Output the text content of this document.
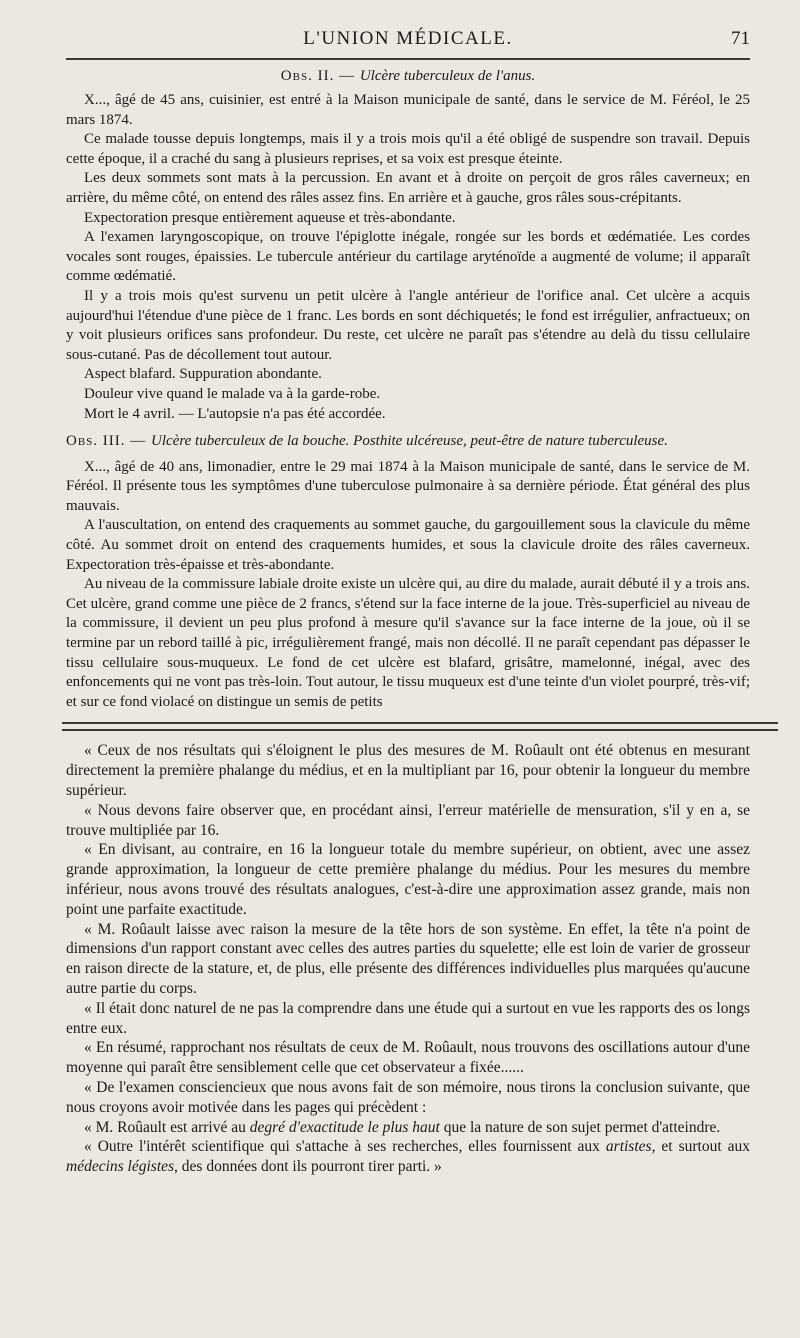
L'UNION MÉDICALE.	71
Obs. II. — Ulcère tuberculeux de l'anus.

X..., âgé de 45 ans, cuisinier, est entré à la Maison municipale de santé, dans le service de M. Féréol, le 25 mars 1874.

Ce malade tousse depuis longtemps, mais il y a trois mois qu'il a été obligé de suspendre son travail. Depuis cette époque, il a craché du sang à plusieurs reprises, et sa voix est presque éteinte.

Les deux sommets sont mats à la percussion. En avant et à droite on perçoit de gros râles caverneux; en arrière, du même côté, on entend des râles assez fins. En arrière et à gauche, gros râles sous-crépitants.

Expectoration presque entièrement aqueuse et très-abondante.

A l'examen laryngoscopique, on trouve l'épiglotte inégale, rongée sur les bords et œdématiée. Les cordes vocales sont rouges, épaissies. Le tubercule antérieur du cartilage aryténoïde a augmenté de volume; il apparaît comme œdématié.

Il y a trois mois qu'est survenu un petit ulcère à l'angle antérieur de l'orifice anal. Cet ulcère a acquis aujourd'hui l'étendue d'une pièce de 1 franc. Les bords en sont déchiquetés; le fond est irrégulier, anfractueux; on y voit plusieurs orifices sans profondeur. Du reste, cet ulcère ne paraît pas s'étendre au delà du tissu cellulaire sous-cutané. Pas de décollement tout autour.

Aspect blafard. Suppuration abondante.

Douleur vive quand le malade va à la garde-robe.

Mort le 4 avril. — L'autopsie n'a pas été accordée.

Obs. III. — Ulcère tuberculeux de la bouche. Posthite ulcéreuse, peut-être de nature tuberculeuse.

X..., âgé de 40 ans, limonadier, entre le 29 mai 1874 à la Maison municipale de santé, dans le service de M. Féréol. Il présente tous les symptômes d'une tuberculose pulmonaire à sa dernière période. État général des plus mauvais.

A l'auscultation, on entend des craquements au sommet gauche, du gargouillement sous la clavicule du même côté. Au sommet droit on entend des craquements humides, et sous la clavicule droite des râles caverneux. Expectoration très-épaisse et très-abondante.

Au niveau de la commissure labiale droite existe un ulcère qui, au dire du malade, aurait débuté il y a trois ans. Cet ulcère, grand comme une pièce de 2 francs, s'étend sur la face interne de la joue. Très-superficiel au niveau de la commissure, il devient un peu plus profond à mesure qu'il s'avance sur la face interne de la joue, où il se termine par un rebord taillé à pic, irrégulièrement frangé, mais non décollé. Il ne paraît cependant pas dépasser le tissu cellulaire sous-muqueux. Le fond de cet ulcère est blafard, grisâtre, mamelonné, inégal, avec des enfoncements qui ne vont pas très-loin. Tout autour, le tissu muqueux est d'une teinte d'un violet pourpré, très-vif; et sur ce fond violacé on distingue un semis de petits

« Ceux de nos résultats qui s'éloignent le plus des mesures de M. Roûault ont été obtenus en mesurant directement la première phalange du médius, et en la multipliant par 16, pour obtenir la longueur du membre supérieur.

« Nous devons faire observer que, en procédant ainsi, l'erreur matérielle de mensuration, s'il y en a, se trouve multipliée par 16.

« En divisant, au contraire, en 16 la longueur totale du membre supérieur, on obtient, avec une assez grande approximation, la longueur de cette première phalange du médius. Pour les mesures du membre inférieur, nous avons trouvé des résultats analogues, c'est-à-dire une approximation assez grande, mais non point une parfaite exactitude.

« M. Roûault laisse avec raison la mesure de la tête hors de son système. En effet, la tête n'a point de dimensions d'un rapport constant avec celles des autres parties du squelette; elle est loin de varier de grosseur en raison directe de la stature, et, de plus, elle présente des différences individuelles plus marquées qu'aucune autre partie du corps.

« Il était donc naturel de ne pas la comprendre dans une étude qui a surtout en vue les rapports des os longs entre eux.

« En résumé, rapprochant nos résultats de ceux de M. Roûault, nous trouvons des oscillations autour d'une moyenne qui paraît être sensiblement celle que cet observateur a fixée......

« De l'examen consciencieux que nous avons fait de son mémoire, nous tirons la conclusion suivante, que nous croyons avoir motivée dans les pages qui précèdent :

« M. Roûault est arrivé au degré d'exactitude le plus haut que la nature de son sujet permet d'atteindre.

« Outre l'intérêt scientifique qui s'attache à ses recherches, elles fournissent aux artistes, et surtout aux médecins légistes, des données dont ils pourront tirer parti. »
